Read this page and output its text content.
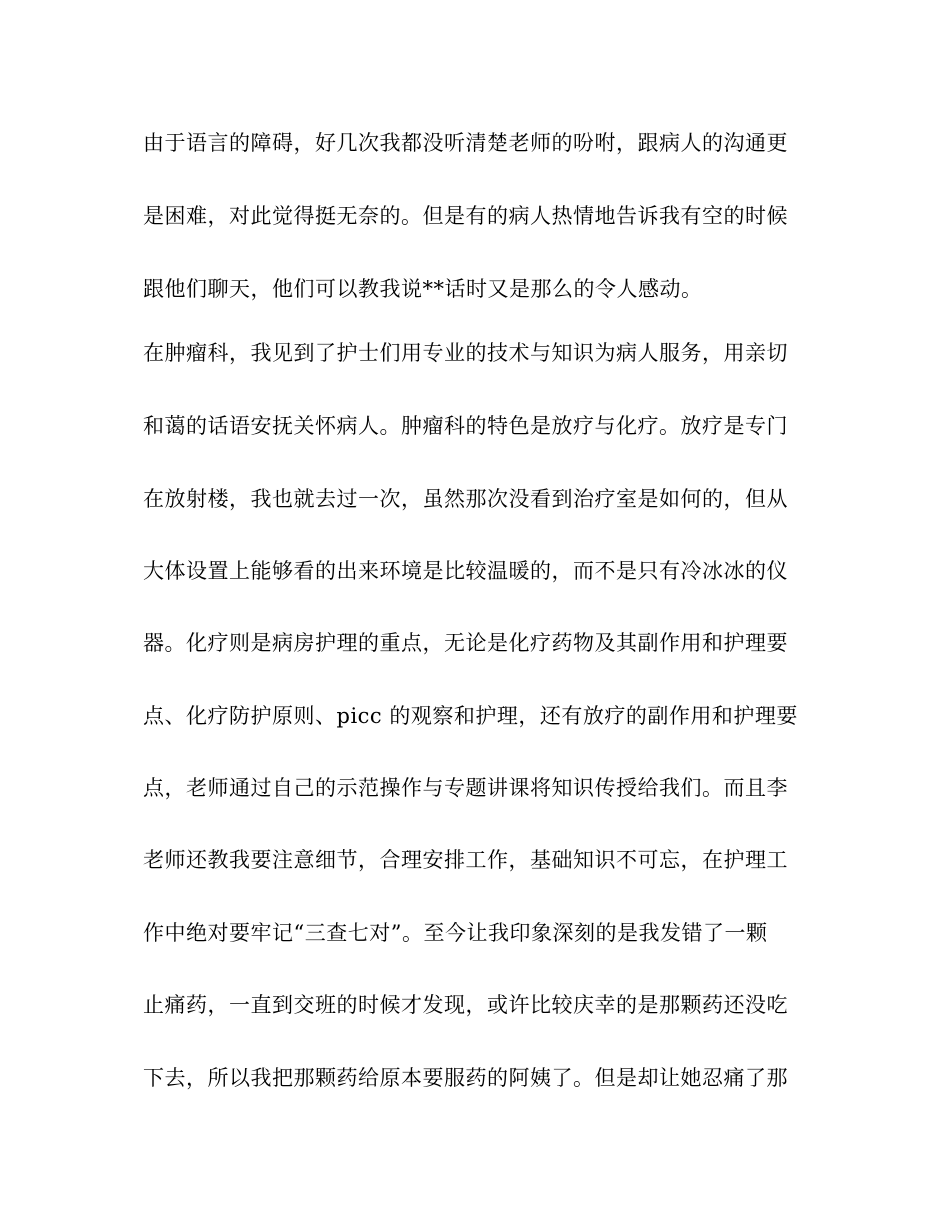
由于语言的障碍，好几次我都没听清楚老师的吩咐，跟病人的沟通更
是困难，对此觉得挺无奈的。但是有的病人热情地告诉我有空的时候
跟他们聊天，他们可以教我说**话时又是那么的令人感动。
在肿瘤科，我见到了护士们用专业的技术与知识为病人服务，用亲切
和蔼的话语安抚关怀病人。肿瘤科的特色是放疗与化疗。放疗是专门
在放射楼，我也就去过一次，虽然那次没看到治疗室是如何的，但从
大体设置上能够看的出来环境是比较温暖的，而不是只有冷冰冰的仪
器。化疗则是病房护理的重点，无论是化疗药物及其副作用和护理要
点、化疗防护原则、picc 的观察和护理，还有放疗的副作用和护理要
点，老师通过自己的示范操作与专题讲课将知识传授给我们。而且李
老师还教我要注意细节，合理安排工作，基础知识不可忘，在护理工
作中绝对要牢记“三查七对”。至今让我印象深刻的是我发错了一颗
止痛药，一直到交班的时候才发现，或许比较庆幸的是那颗药还没吃
下去，所以我把那颗药给原本要服药的阿姨了。但是却让她忍痛了那
